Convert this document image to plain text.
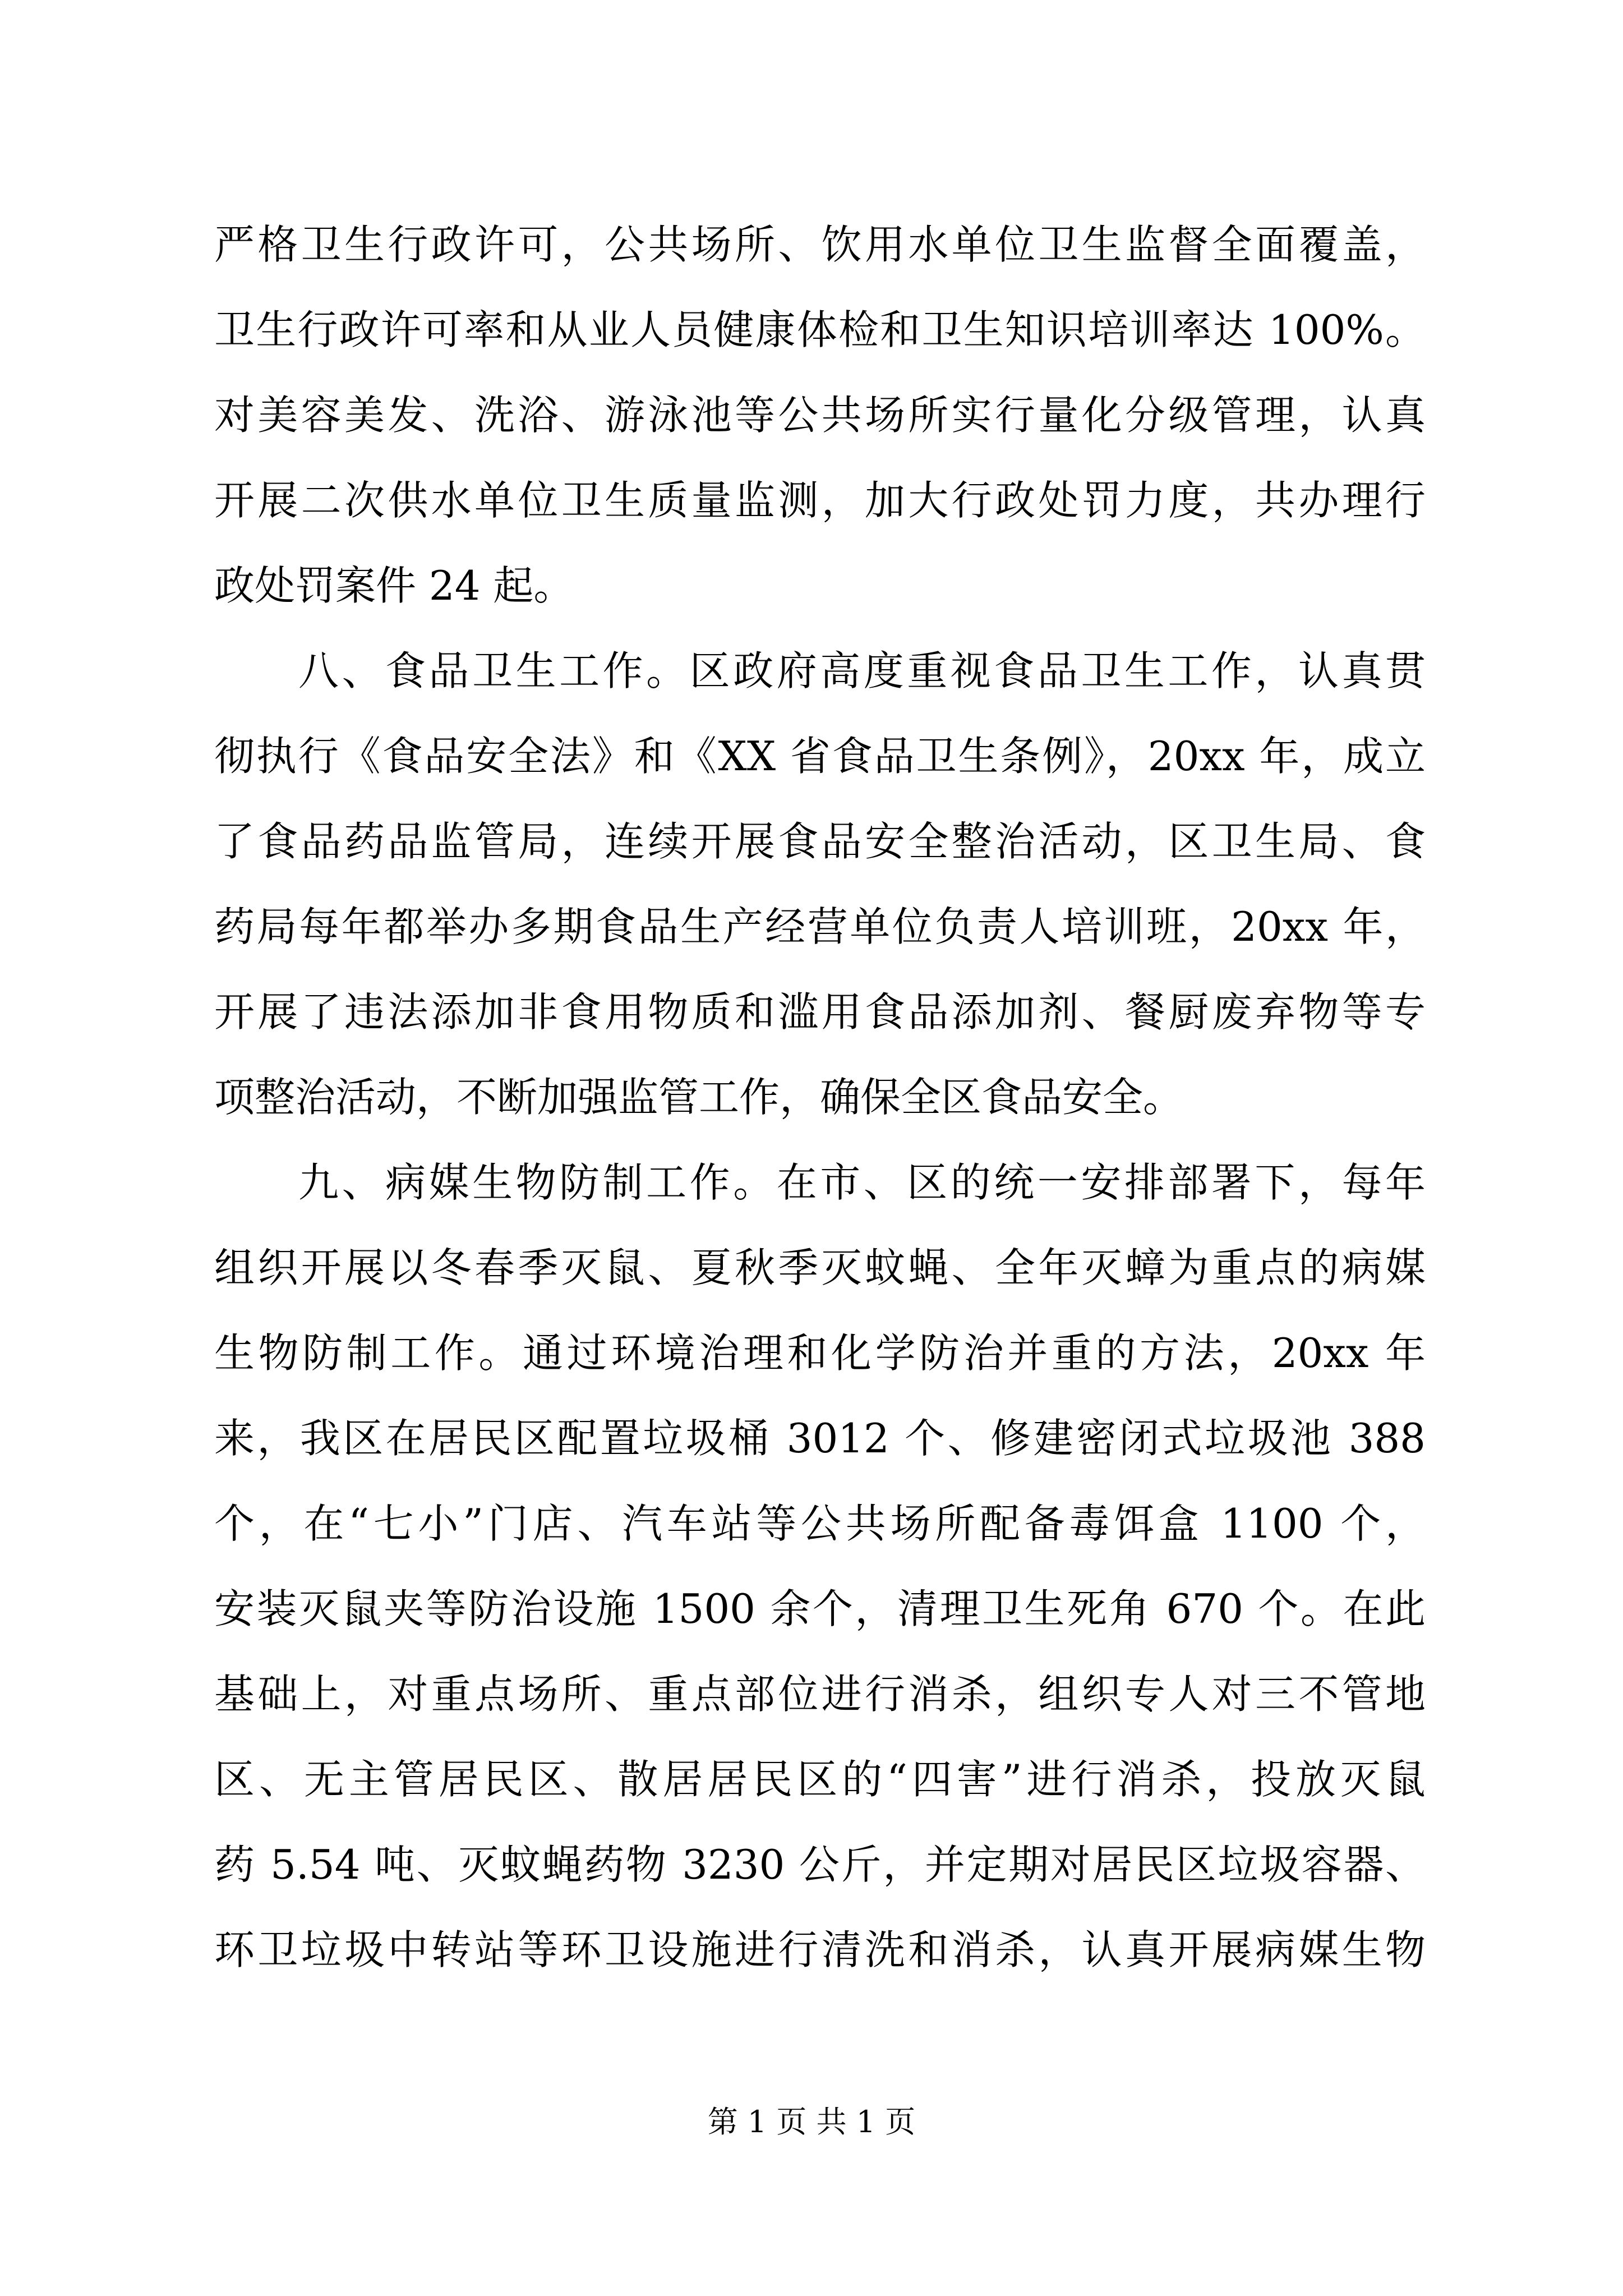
严格卫生行政许可，公共场所、饮用水单位卫生监督全面覆盖，
卫生行政许可率和从业人员健康体检和卫生知识培训率达 100%。
对美容美发、洗浴、游泳池等公共场所实行量化分级管理，认真
开展二次供水单位卫生质量监测，加大行政处罚力度，共办理行
政处罚案件 24 起。
八、食品卫生工作。区政府高度重视食品卫生工作，认真贯
彻执行《食品安全法》和《XX 省食品卫生条例》，20xx 年，成立
了食品药品监管局，连续开展食品安全整治活动，区卫生局、食
药局每年都举办多期食品生产经营单位负责人培训班，20xx 年，
开展了违法添加非食用物质和滥用食品添加剂、餐厨废弃物等专
项整治活动，不断加强监管工作，确保全区食品安全。
九、病媒生物防制工作。在市、区的统一安排部署下，每年
组织开展以冬春季灭鼠、夏秋季灭蚊蝇、全年灭蟑为重点的病媒
生物防制工作。通过环境治理和化学防治并重的方法，20xx 年
来，我区在居民区配置垃圾桶 3012 个、修建密闭式垃圾池 388
个，在“七小”门店、汽车站等公共场所配备毒饵盒 1100 个，
安装灭鼠夹等防治设施 1500 余个，清理卫生死角 670 个。在此
基础上，对重点场所、重点部位进行消杀，组织专人对三不管地
区、无主管居民区、散居居民区的“四害”进行消杀，投放灭鼠
药 5.54 吨、灭蚊蝇药物 3230 公斤，并定期对居民区垃圾容器、
环卫垃圾中转站等环卫设施进行清洗和消杀，认真开展病媒生物
第 1 页 共 1 页
